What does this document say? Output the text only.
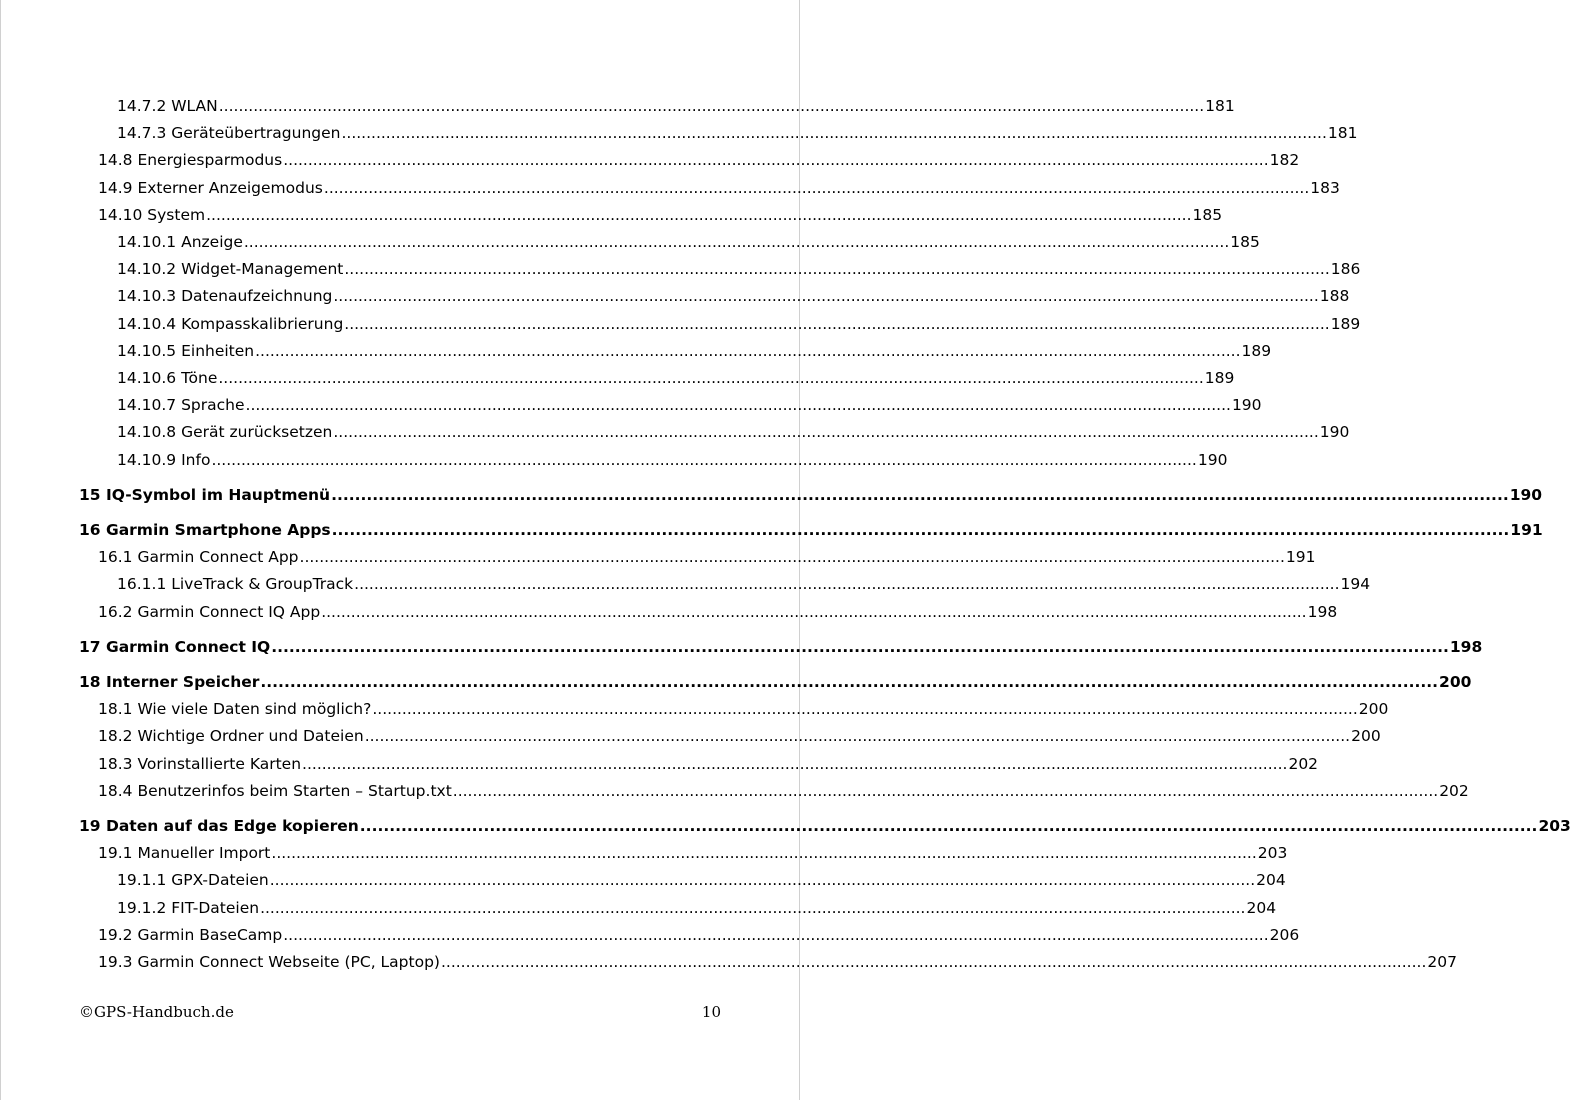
14.7.2 WLAN ........................................................................................................................................................................................................ 181
14.7.3 Geräteübertragungen ........................................................................................................................................................................................................ 181
14.8 Energiesparmodus ........................................................................................................................................................................................................ 182
14.9 Externer Anzeigemodus ........................................................................................................................................................................................................ 183
14.10 System ........................................................................................................................................................................................................ 185
14.10.1 Anzeige ........................................................................................................................................................................................................ 185
14.10.2 Widget-Management ........................................................................................................................................................................................................ 186
14.10.3 Datenaufzeichnung ........................................................................................................................................................................................................ 188
14.10.4 Kompasskalibrierung ........................................................................................................................................................................................................ 189
14.10.5 Einheiten ........................................................................................................................................................................................................ 189
14.10.6 Töne ........................................................................................................................................................................................................ 189
14.10.7 Sprache ........................................................................................................................................................................................................ 190
14.10.8 Gerät zurücksetzen ........................................................................................................................................................................................................ 190
14.10.9 Info ........................................................................................................................................................................................................ 190
15 IQ-Symbol im Hauptmenü ........................................................................................................................................................................................................ 190
16 Garmin Smartphone Apps ........................................................................................................................................................................................................ 191
16.1 Garmin Connect App ........................................................................................................................................................................................................ 191
16.1.1 LiveTrack & GroupTrack ........................................................................................................................................................................................................ 194
16.2 Garmin Connect IQ App ........................................................................................................................................................................................................ 198
17 Garmin Connect IQ ........................................................................................................................................................................................................ 198
18 Interner Speicher ........................................................................................................................................................................................................ 200
18.1 Wie viele Daten sind möglich? ........................................................................................................................................................................................................ 200
18.2 Wichtige Ordner und Dateien ........................................................................................................................................................................................................ 200
18.3 Vorinstallierte Karten ........................................................................................................................................................................................................ 202
18.4 Benutzerinfos beim Starten – Startup.txt ........................................................................................................................................................................................................ 202
19 Daten auf das Edge kopieren ........................................................................................................................................................................................................ 203
19.1 Manueller Import ........................................................................................................................................................................................................ 203
19.1.1 GPX-Dateien ........................................................................................................................................................................................................ 204
19.1.2 FIT-Dateien ........................................................................................................................................................................................................ 204
19.2 Garmin BaseCamp ........................................................................................................................................................................................................ 206
19.3 Garmin Connect Webseite (PC, Laptop) ........................................................................................................................................................................................................ 207
©GPS-Handbuch.de	10
